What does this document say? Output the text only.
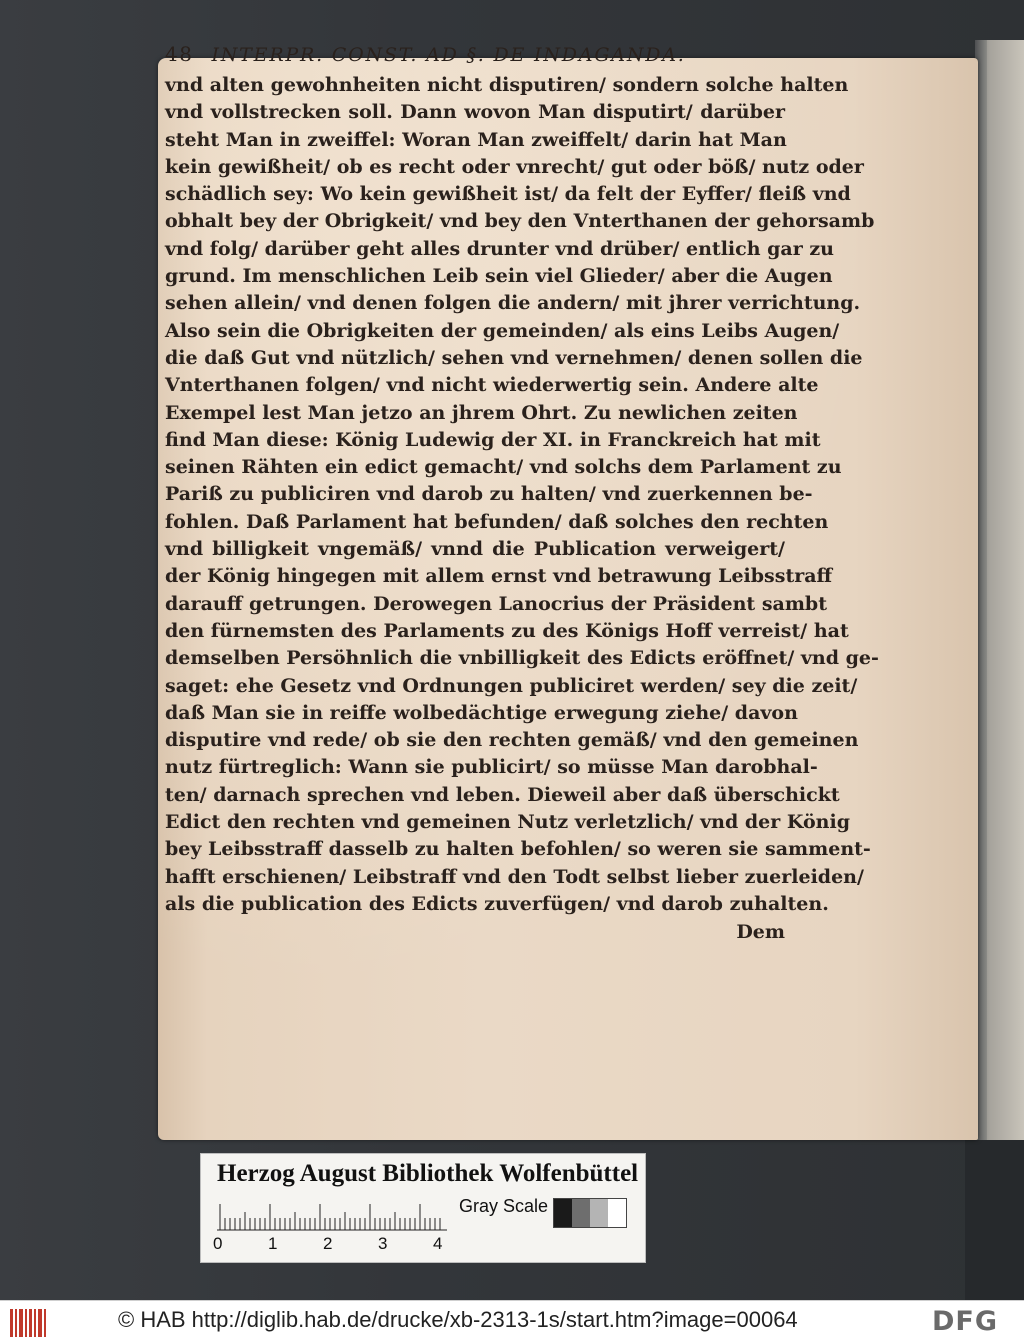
48 INTERPR. CONST. AD §. DE INDAGANDA.
vnd alten gewohnheiten nicht disputiren/ sondern solche halten
vnd vollstrecken soll. Dann wovon Man disputirt/ darüber
steht Man in zweiffel: Woran Man zweiffelt/ darin hat Man
kein gewißheit/ ob es recht oder vnrecht/ gut oder böß/ nutz oder
schädlich sey: Wo kein gewißheit ist/ da felt der Eyffer/ fleiß vnd
obhalt bey der Obrigkeit/ vnd bey den Vnterthanen der gehorsamb
vnd folg/ darüber geht alles drunter vnd drüber/ entlich gar zu
grund. Im menschlichen Leib sein viel Glieder/ aber die Augen
sehen allein/ vnd denen folgen die andern/ mit jhrer verrichtung.
Also sein die Obrigkeiten der gemeinden/ als eins Leibs Augen/
die daß Gut vnd nützlich/ sehen vnd vernehmen/ denen sollen die
Vnterthanen folgen/ vnd nicht wiederwertig sein. Andere alte
Exempel lest Man jetzo an jhrem Ohrt. Zu newlichen zeiten
find Man diese: König Ludewig der XI. in Franckreich hat mit
seinen Rähten ein edict gemacht/ vnd solchs dem Parlament zu
Pariß zu publiciren vnd darob zu halten/ vnd zuerkennen be-
fohlen. Daß Parlament hat befunden/ daß solches den rechten
vnd billigkeit vngemäß/ vnnd die Publication verweigert/
der König hingegen mit allem ernst vnd betrawung Leibsstraff
darauff getrungen. Derowegen Lanocrius der Präsident sambt
den fürnemsten des Parlaments zu des Königs Hoff verreist/ hat
demselben Persöhnlich die vnbilligkeit des Edicts eröffnet/ vnd ge-
saget: ehe Gesetz vnd Ordnungen publiciret werden/ sey die zeit/
daß Man sie in reiffe wolbedächtige erwegung ziehe/ davon
disputire vnd rede/ ob sie den rechten gemäß/ vnd den gemeinen
nutz fürtreglich: Wann sie publicirt/ so müsse Man darobhal-
ten/ darnach sprechen vnd leben. Dieweil aber daß überschickt
Edict den rechten vnd gemeinen Nutz verletzlich/ vnd der König
bey Leibsstraff dasselb zu halten befohlen/ so weren sie samment-
hafft erschienen/ Leibstraff vnd den Todt selbst lieber zuerleiden/
als die publication des Edicts zuverfügen/ vnd darob zuhalten.
Dem
Herzog August Bibliothek Wolfenbüttel
0	1	2	3	4
Gray Scale
© HAB http://diglib.hab.de/drucke/xb-2313-1s/start.htm?image=00064	DFG
